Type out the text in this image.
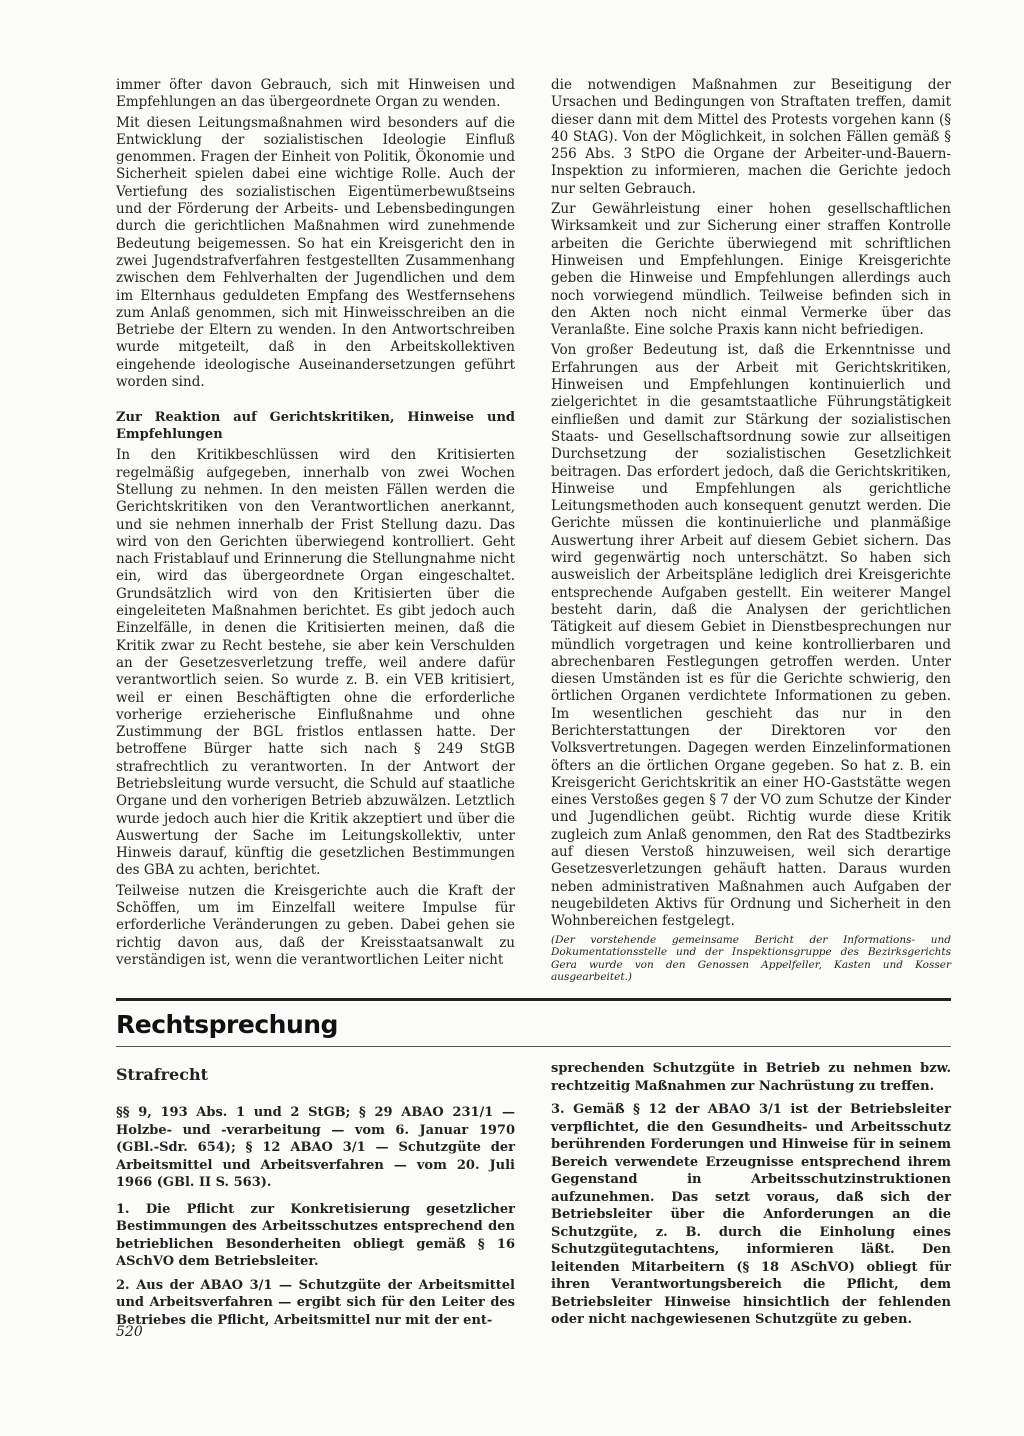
immer öfter davon Gebrauch, sich mit Hinweisen und Empfehlungen an das übergeordnete Organ zu wenden.

Mit diesen Leitungsmaßnahmen wird besonders auf die Entwicklung der sozialistischen Ideologie Einfluß genommen. Fragen der Einheit von Politik, Ökonomie und Sicherheit spielen dabei eine wichtige Rolle. Auch der Vertiefung des sozialistischen Eigentümerbewußtseins und der Förderung der Arbeits- und Lebensbedingungen durch die gerichtlichen Maßnahmen wird zunehmende Bedeutung beigemessen. So hat ein Kreisgericht den in zwei Jugendstrafverfahren festgestellten Zusammenhang zwischen dem Fehlverhalten der Jugendlichen und dem im Elternhaus geduldeten Empfang des Westfernsehens zum Anlaß genommen, sich mit Hinweisschreiben an die Betriebe der Eltern zu wenden. In den Antwortschreiben wurde mitgeteilt, daß in den Arbeitskollektiven eingehende ideologische Auseinandersetzungen geführt worden sind.

Zur Reaktion auf Gerichtskritiken, Hinweise und Empfehlungen

In den Kritikbeschlüssen wird den Kritisierten regelmäßig aufgegeben, innerhalb von zwei Wochen Stellung zu nehmen. In den meisten Fällen werden die Gerichtskritiken von den Verantwortlichen anerkannt, und sie nehmen innerhalb der Frist Stellung dazu. Das wird von den Gerichten überwiegend kontrolliert. Geht nach Fristablauf und Erinnerung die Stellungnahme nicht ein, wird das übergeordnete Organ eingeschaltet. Grundsätzlich wird von den Kritisierten über die eingeleiteten Maßnahmen berichtet. Es gibt jedoch auch Einzelfälle, in denen die Kritisierten meinen, daß die Kritik zwar zu Recht bestehe, sie aber kein Verschulden an der Gesetzesverletzung treffe, weil andere dafür verantwortlich seien. So wurde z. B. ein VEB kritisiert, weil er einen Beschäftigten ohne die erforderliche vorherige erzieherische Einflußnahme und ohne Zustimmung der BGL fristlos entlassen hatte. Der betroffene Bürger hatte sich nach § 249 StGB strafrechtlich zu verantworten. In der Antwort der Betriebsleitung wurde versucht, die Schuld auf staatliche Organe und den vorherigen Betrieb abzuwälzen. Letztlich wurde jedoch auch hier die Kritik akzeptiert und über die Auswertung der Sache im Leitungskollektiv, unter Hinweis darauf, künftig die gesetzlichen Bestimmungen des GBA zu achten, berichtet.

Teilweise nutzen die Kreisgerichte auch die Kraft der Schöffen, um im Einzelfall weitere Impulse für erforderliche Veränderungen zu geben. Dabei gehen sie richtig davon aus, daß der Kreisstaatsanwalt zu verständigen ist, wenn die verantwortlichen Leiter nicht

die notwendigen Maßnahmen zur Beseitigung der Ursachen und Bedingungen von Straftaten treffen, damit dieser dann mit dem Mittel des Protests vorgehen kann (§ 40 StAG). Von der Möglichkeit, in solchen Fällen gemäß § 256 Abs. 3 StPO die Organe der Arbeiter-und-Bauern-Inspektion zu informieren, machen die Gerichte jedoch nur selten Gebrauch.

Zur Gewährleistung einer hohen gesellschaftlichen Wirksamkeit und zur Sicherung einer straffen Kontrolle arbeiten die Gerichte überwiegend mit schriftlichen Hinweisen und Empfehlungen. Einige Kreisgerichte geben die Hinweise und Empfehlungen allerdings auch noch vorwiegend mündlich. Teilweise befinden sich in den Akten noch nicht einmal Vermerke über das Veranlaßte. Eine solche Praxis kann nicht befriedigen.

Von großer Bedeutung ist, daß die Erkenntnisse und Erfahrungen aus der Arbeit mit Gerichtskritiken, Hinweisen und Empfehlungen kontinuierlich und zielgerichtet in die gesamtstaatliche Führungstätigkeit einfließen und damit zur Stärkung der sozialistischen Staats- und Gesellschaftsordnung sowie zur allseitigen Durchsetzung der sozialistischen Gesetzlichkeit beitragen. Das erfordert jedoch, daß die Gerichtskritiken, Hinweise und Empfehlungen als gerichtliche Leitungsmethoden auch konsequent genutzt werden. Die Gerichte müssen die kontinuierliche und planmäßige Auswertung ihrer Arbeit auf diesem Gebiet sichern. Das wird gegenwärtig noch unterschätzt. So haben sich ausweislich der Arbeitspläne lediglich drei Kreisgerichte entsprechende Aufgaben gestellt. Ein weiterer Mangel besteht darin, daß die Analysen der gerichtlichen Tätigkeit auf diesem Gebiet in Dienstbesprechungen nur mündlich vorgetragen und keine kontrollierbaren und abrechenbaren Festlegungen getroffen werden. Unter diesen Umständen ist es für die Gerichte schwierig, den örtlichen Organen verdichtete Informationen zu geben. Im wesentlichen geschieht das nur in den Berichterstattungen der Direktoren vor den Volksvertretungen. Dagegen werden Einzelinformationen öfters an die örtlichen Organe gegeben. So hat z. B. ein Kreisgericht Gerichtskritik an einer HO-Gaststätte wegen eines Verstoßes gegen § 7 der VO zum Schutze der Kinder und Jugendlichen geübt. Richtig wurde diese Kritik zugleich zum Anlaß genommen, den Rat des Stadtbezirks auf diesen Verstoß hinzuweisen, weil sich derartige Gesetzesverletzungen gehäuft hatten. Daraus wurden neben administrativen Maßnahmen auch Aufgaben der neugebildeten Aktivs für Ordnung und Sicherheit in den Wohnbereichen festgelegt.

(Der vorstehende gemeinsame Bericht der Informations- und Dokumentationsstelle und der Inspektionsgruppe des Bezirksgerichts Gera wurde von den Genossen Appelfeller, Kasten und Kosser ausgearbeitet.)
Rechtsprechung
Strafrecht

§§ 9, 193 Abs. 1 und 2 StGB; § 29 ABAO 231/1 — Holzbe- und -verarbeitung — vom 6. Januar 1970 (GBl.-Sdr. 654); § 12 ABAO 3/1 — Schutzgüte der Arbeitsmittel und Arbeitsverfahren — vom 20. Juli 1966 (GBl. II S. 563).

1. Die Pflicht zur Konkretisierung gesetzlicher Bestimmungen des Arbeitsschutzes entsprechend den betrieblichen Besonderheiten obliegt gemäß § 16 ASchVO dem Betriebsleiter.

2. Aus der ABAO 3/1 — Schutzgüte der Arbeitsmittel und Arbeitsverfahren — ergibt sich für den Leiter des Betriebes die Pflicht, Arbeitsmittel nur mit der ent-

sprechenden Schutzgüte in Betrieb zu nehmen bzw. rechtzeitig Maßnahmen zur Nachrüstung zu treffen.

3. Gemäß § 12 der ABAO 3/1 ist der Betriebsleiter verpflichtet, die den Gesundheits- und Arbeitsschutz berührenden Forderungen und Hinweise für in seinem Bereich verwendete Erzeugnisse entsprechend ihrem Gegenstand in Arbeitsschutzinstruktionen aufzunehmen. Das setzt voraus, daß sich der Betriebsleiter über die Anforderungen an die Schutzgüte, z. B. durch die Einholung eines Schutzgütegutachtens, informieren läßt. Den leitenden Mitarbeitern (§ 18 ASchVO) obliegt für ihren Verantwortungsbereich die Pflicht, dem Betriebsleiter Hinweise hinsichtlich der fehlenden oder nicht nachgewiesenen Schutzgüte zu geben.

520
